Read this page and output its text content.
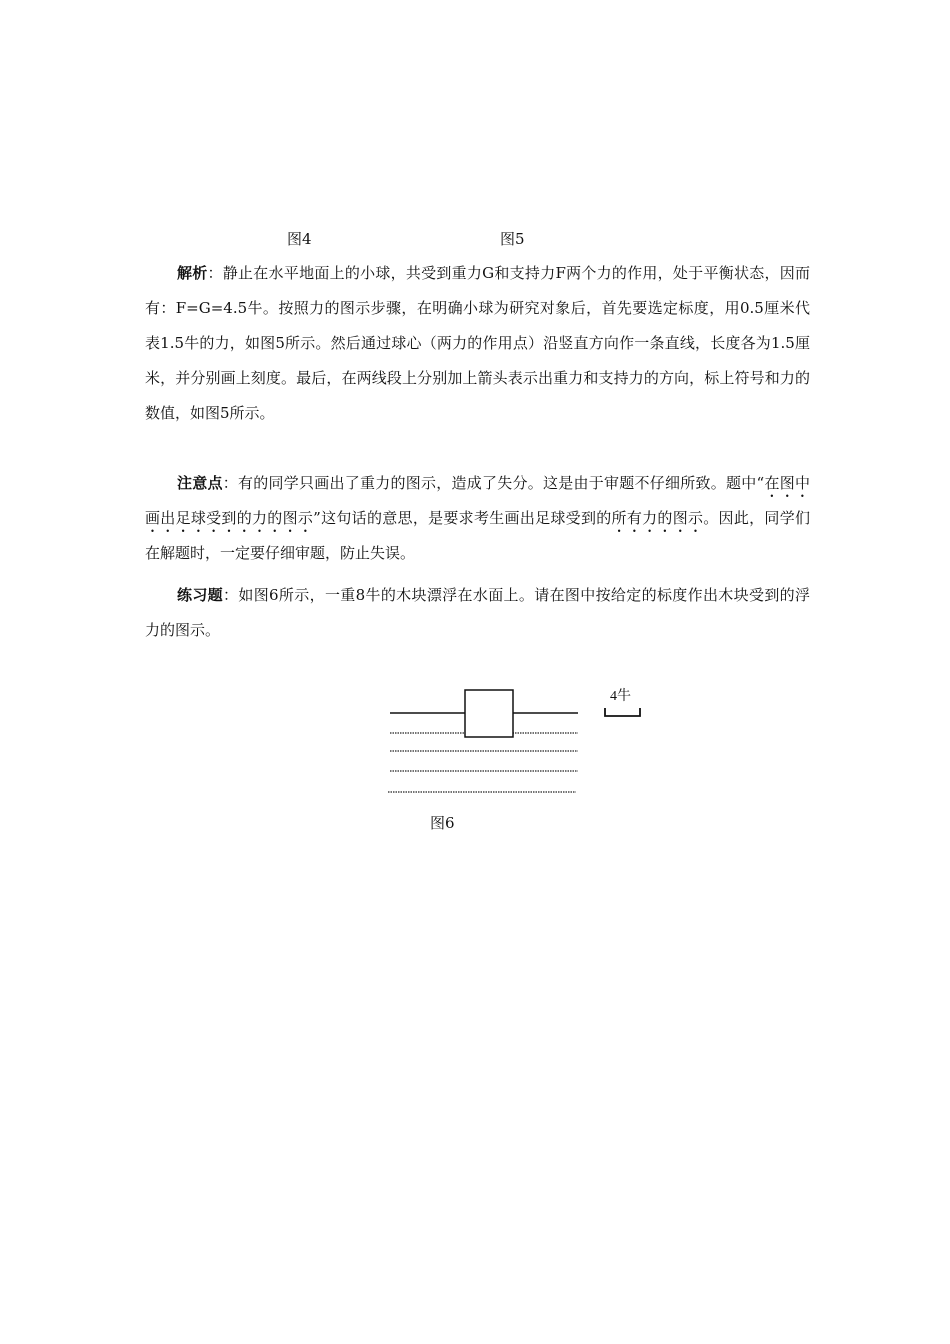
图4	图5

解析：静止在水平地面上的小球，共受到重力G和支持力F两个力的作用，处于平衡状态，因而有：F=G=4.5牛。按照力的图示步骤，在明确小球为研究对象后，首先要选定标度，用0.5厘米代表1.5牛的力，如图5所示。然后通过球心（两力的作用点）沿竖直方向作一条直线，长度各为1.5厘米，并分别画上刻度。最后，在两线段上分别加上箭头表示出重力和支持力的方向，标上符号和力的数值，如图5所示。

注意点：有的同学只画出了重力的图示，造成了失分。这是由于审题不仔细所致。题中“在图中画出足球受到的力的图示”这句话的意思，是要求考生画出足球受到的所有力的图示。因此，同学们在解题时，一定要仔细审题，防止失误。

练习题：如图6所示，一重8牛的木块漂浮在水面上。请在图中按给定的标度作出木块受到的浮力的图示。

4牛
图6
